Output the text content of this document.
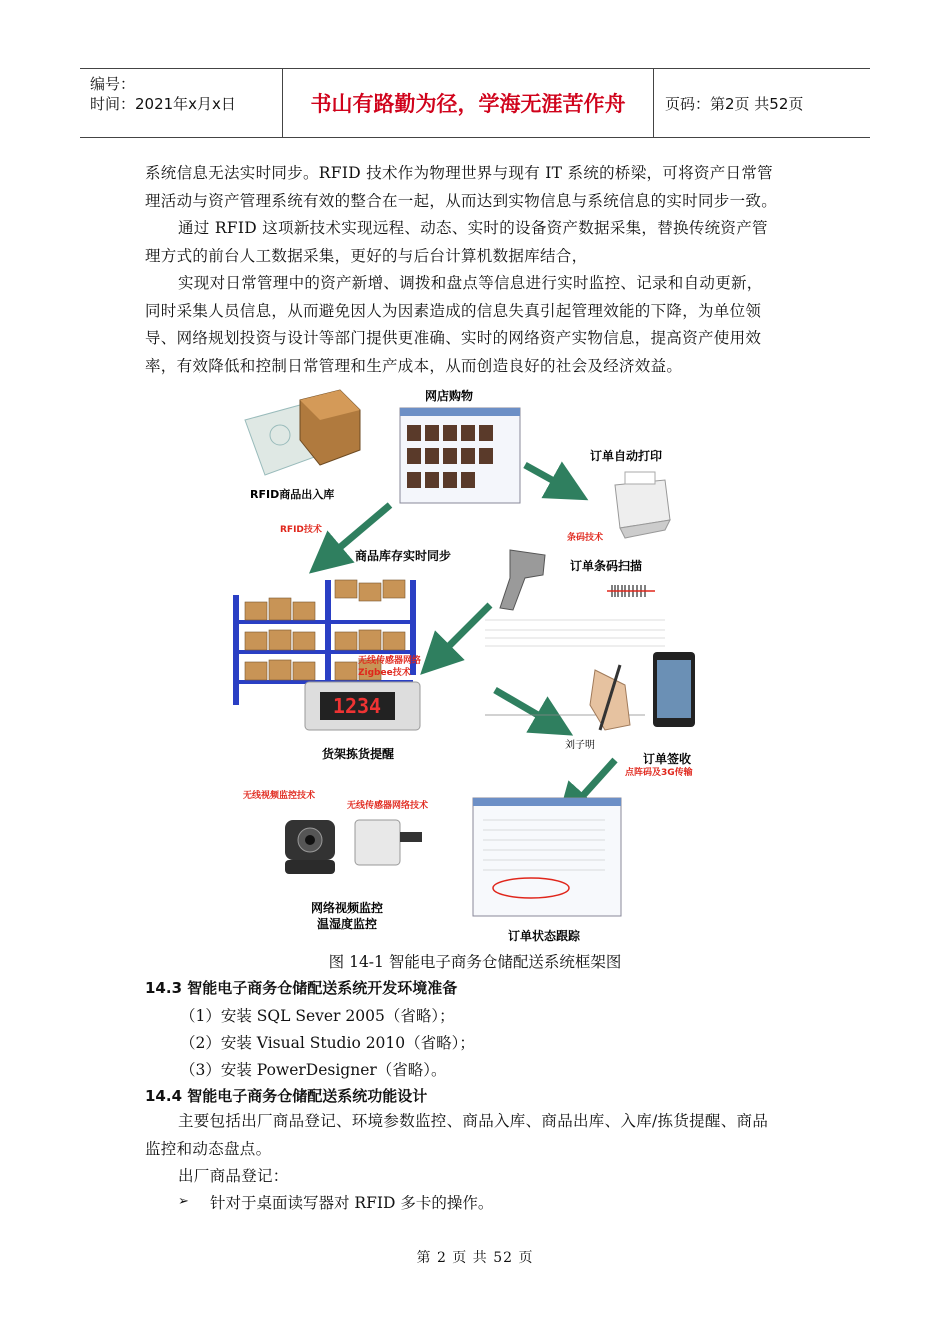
编号：
时间：2021年x月x日	书山有路勤为径，学海无涯苦作舟	页码：第2页 共52页
系统信息无法实时同步。RFID 技术作为物理世界与现有 IT 系统的桥梁，可将资产日常管
理活动与资产管理系统有效的整合在一起，从而达到实物信息与系统信息的实时同步一致。
通过 RFID 这项新技术实现远程、动态、实时的设备资产数据采集，替换传统资产管
理方式的前台人工数据采集，更好的与后台计算机数据库结合，
实现对日常管理中的资产新增、调拨和盘点等信息进行实时监控、记录和自动更新，
同时采集人员信息，从而避免因人为因素造成的信息失真引起管理效能的下降，为单位领
导、网络规划投资与设计等部门提供更准确、实时的网络资产实物信息，提高资产使用效
率，有效降低和控制日常管理和生产成本，从而创造良好的社会及经济效益。
RFID商品出入库
网店购物
订单自动打印
RFID技术
商品库存实时同步
条码技术
订单条码扫描
无线传感器网络
Zigbee技术
1234
货架拣货提醒
刘子明
订单签收
点阵码及3G传输
无线视频监控技术
无线传感器网络技术
网络视频监控
温湿度监控
订单状态跟踪
图 14-1 智能电子商务仓储配送系统框架图
14.3 智能电子商务仓储配送系统开发环境准备
（1）安装 SQL Sever 2005（省略）；
（2）安装 Visual Studio 2010（省略）；
（3）安装 PowerDesigner（省略）。
14.4 智能电子商务仓储配送系统功能设计
主要包括出厂商品登记、环境参数监控、商品入库、商品出库、入库/拣货提醒、商品
监控和动态盘点。
出厂商品登记：
➢ 针对于桌面读写器对 RFID 多卡的操作。
第 2 页 共 52 页
